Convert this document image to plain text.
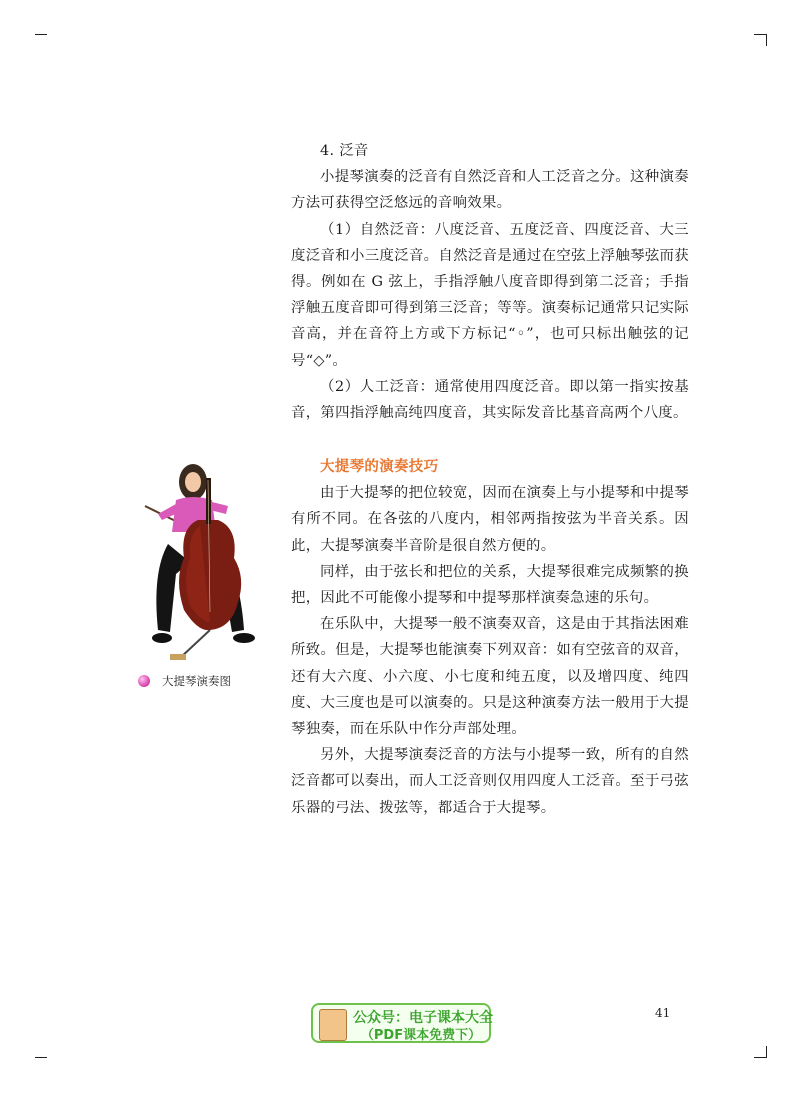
4. 泛音

小提琴演奏的泛音有自然泛音和人工泛音之分。这种演奏方法可获得空泛悠远的音响效果。

（1）自然泛音：八度泛音、五度泛音、四度泛音、大三度泛音和小三度泛音。自然泛音是通过在空弦上浮触琴弦而获得。例如在 G 弦上，手指浮触八度音即得到第二泛音；手指浮触五度音即可得到第三泛音；等等。演奏标记通常只记实际音高，并在音符上方或下方标记“◦”，也可只标出触弦的记号“◇”。

（2）人工泛音：通常使用四度泛音。即以第一指实按基音，第四指浮触高纯四度音，其实际发音比基音高两个八度。

大提琴的演奏技巧

由于大提琴的把位较宽，因而在演奏上与小提琴和中提琴有所不同。在各弦的八度内，相邻两指按弦为半音关系。因此，大提琴演奏半音阶是很自然方便的。

同样，由于弦长和把位的关系，大提琴很难完成频繁的换把，因此不可能像小提琴和中提琴那样演奏急速的乐句。

在乐队中，大提琴一般不演奏双音，这是由于其指法困难所致。但是，大提琴也能演奏下列双音：如有空弦音的双音，还有大六度、小六度、小七度和纯五度，以及增四度、纯四度、大三度也是可以演奏的。只是这种演奏方法一般用于大提琴独奏，而在乐队中作分声部处理。

另外，大提琴演奏泛音的方法与小提琴一致，所有的自然泛音都可以奏出，而人工泛音则仅用四度人工泛音。至于弓弦乐器的弓法、拨弦等，都适合于大提琴。

大提琴演奏图
公众号：电子课本大全
（PDF课本免费下）
41
